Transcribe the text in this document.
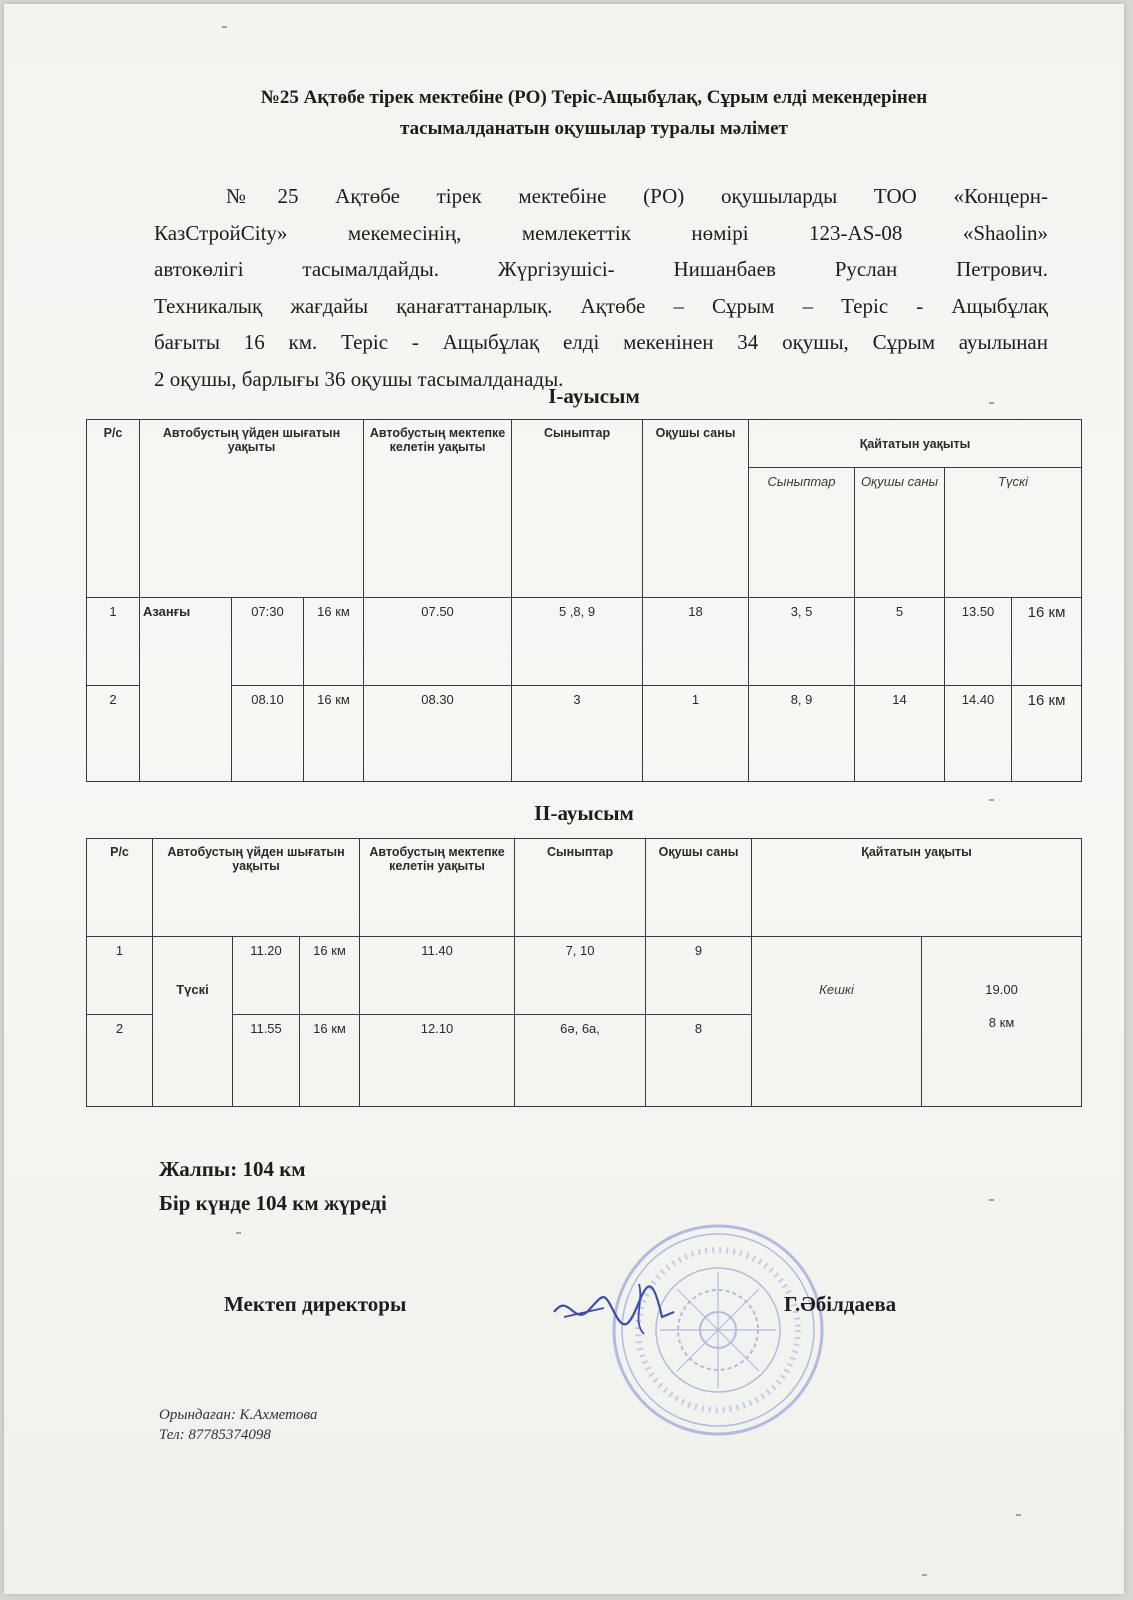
№25 Ақтөбе тірек мектебіне (РО) Теріс-Ащыбұлақ, Сұрым елді мекендерінен
тасымалданатын оқушылар туралы мәлімет
№25 Ақтөбе тірек мектебіне (РО) оқушыларды ТОО «Концерн-
КазСтройCity» мекемесінің, мемлекеттік нөмірі 123-AS-08 «Shaolin»
автокөлігі тасымалдайды. Жүргізушісі- Нишанбаев Руслан Петрович.
Техникалық жағдайы қанағаттанарлық. Ақтөбе – Сұрым – Теріс - Ащыбұлақ
бағыты 16 км. Теріс - Ащыбұлақ елді мекенінен 34 оқушы, Сұрым ауылынан
2 оқушы, барлығы 36 оқушы тасымалданады.
I-ауысым
Р/с	Автобустың үйден шығатын уақыты			Автобустың мектепке келетін уақыты	Сыныптар	Оқушы саны	Қайтатын уақыты			
							Сыныптар	Оқушы саны	Түскі	
1	Азанғы	07:30	16 км	07.50	5 ,8, 9	18	3, 5	5	13.50	16 км
2		08.10	16 км	08.30	3	1	8, 9	14	14.40	16 км
II-ауысым
Р/с	Автобустың үйден шығатын уақыты			Автобустың мектепке келетін уақыты	Сыныптар	Оқушы саны	Қайтатын уақыты	
1	Түскі	11.20	16 км	11.40	7, 10	9	Кешкі	19.00
8 км

2		11.55	16 км	12.10	6ә, 6а,	8		
Жалпы: 104 км
Бір күнде 104 км жүреді
Мектеп директоры	Г.Әбілдаева
Орындаған: К.Ахметова
Тел: 87785374098
